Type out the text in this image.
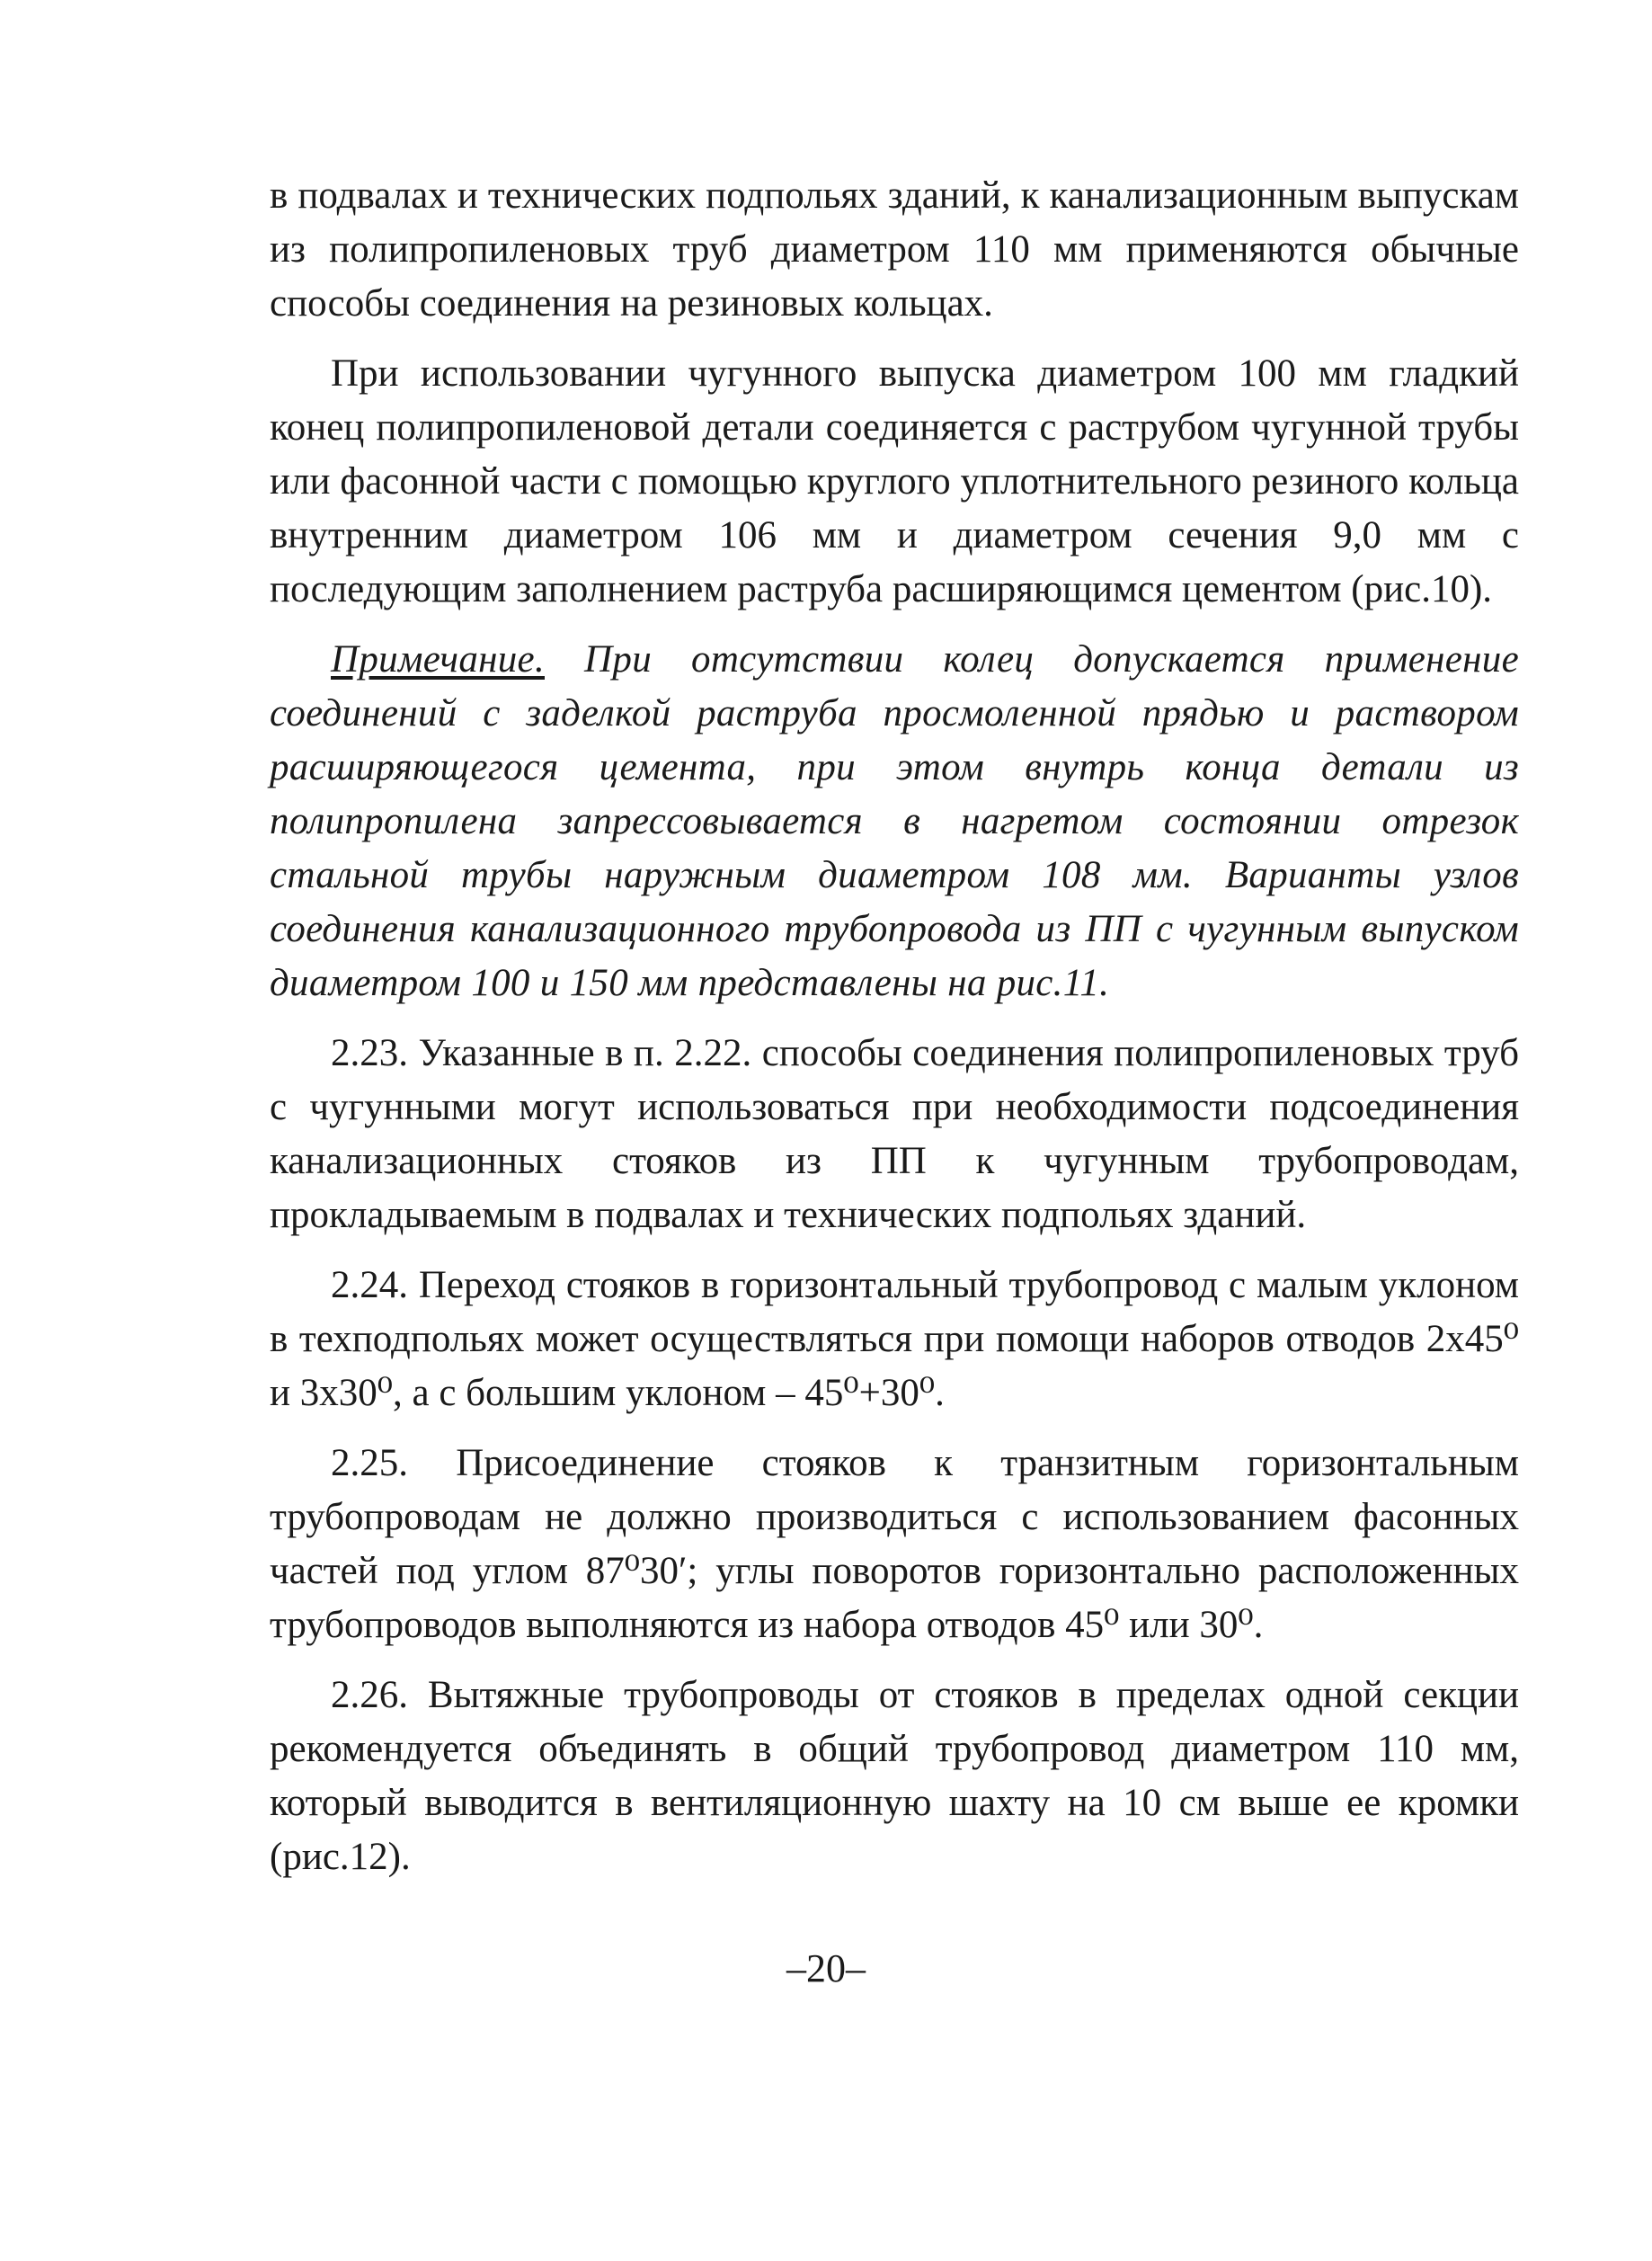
в подвалах и технических подпольях зданий, к канализационным выпускам из полипропиленовых труб диаметром 110 мм применяются обычные способы соединения на резиновых кольцах.

При использовании чугунного выпуска диаметром 100 мм гладкий конец полипропиленовой детали соединяется с раструбом чугунной трубы или фасонной части с помощью круглого уплотнительного резиного кольца внутренним диаметром 106 мм и диаметром сечения 9,0 мм с последующим заполнением раструба расширяющимся цементом (рис.10).

Примечание. При отсутствии колец допускается применение соединений с заделкой раструба просмоленной прядью и раствором расширяющегося цемента, при этом внутрь конца детали из полипропилена запрессовывается в нагретом состоянии отрезок стальной трубы наружным диаметром 108 мм. Варианты узлов соединения канализационного трубопровода из ПП с чугунным выпуском диаметром 100 и 150 мм представлены на рис.11.

2.23. Указанные в п. 2.22. способы соединения полипропиленовых труб с чугунными могут использоваться при необходимости подсоединения канализационных стояков из ПП к чугунным трубопроводам, прокладываемым в подвалах и технических подпольях зданий.

2.24. Переход стояков в горизонтальный трубопровод с малым уклоном в техподпольях может осуществляться при помощи наборов отводов 2х45⁰ и 3х30⁰, а с большим уклоном – 45⁰+30⁰.

2.25. Присоединение стояков к транзитным горизонтальным трубопроводам не должно производиться с использованием фасонных частей под углом 87⁰30′; углы поворотов горизонтально расположенных трубопроводов выполняются из набора отводов 45⁰ или 30⁰.

2.26. Вытяжные трубопроводы от стояков в пределах одной секции рекомендуется объединять в общий трубопровод диаметром 110 мм, который выводится в вентиляционную шахту на 10 см выше ее кромки (рис.12).

–20–
